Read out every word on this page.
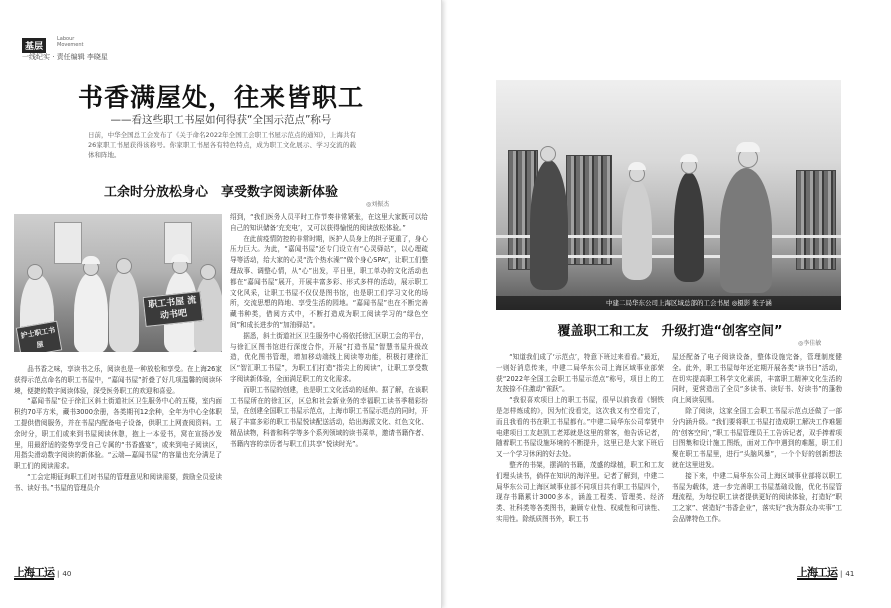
基层
Labour Movement
一线纪实 · 责任编辑 李晓星
书香满屋处，往来皆职工
——看这些职工书屋如何得获“全国示范点”称号
日前，中华全国总工会发布了《关于命名2022年全国工会职工书屋示范点的通知》，上海共有26家职工书屋获得该称号。你家职工书屋各有特色特点，成为职工文化展示、学习交流的载体和阵地。
工余时分放松身心　享受数字阅读新体验
◎刘振杰
职工书屋 流动书吧
护士职工书屋

品书香之味，享读书之乐，阅读也是一种放松和享受。在上海26家获得示范点命名的职工书屋中，“嘉闻书屋”折叠了好几项温馨的阅读环境，便捷的数字阅读体验，深受医务职工的欢迎和喜爱。

“嘉闻书屋”位于徐汇区斜土街道社区卫生服务中心的五楼，室内面积约70平方米，藏书3000余册，各类期刊12余种，全年为中心全体职工提供借阅服务，并在书屋内配备电子设备，供职工上网查阅资料。工余时分，职工们或来到书屋阅读休憩，抱上一本爱书，窝在宣扬沙发里，用最舒适的姿势享受自己专属的“书香盛宴”，或来到电子阅读区，用指尖滑动数字阅读的新体验。“云端—嘉闻书屋”的容量也充分满足了职工们的阅读需求。

“工会定期征询职工们对书屋的管理意见和阅读需要，鼓励全员爱读书、读好书。”书屋的管理员介

绍到，“我们医务人员平时工作节奏非常紧张，在这里大家既可以给自己的知识储备‘充充电’，又可以获得愉悦的阅读放松体验。”

在此前疫情防控的非常时期，医护人员身上的担子更重了，身心压力巨大。为此，“嘉闻书屋”还专门设立有“心灵驿站”，以心理疏导等活动，给大家的心灵“洗个热水澡”“做个身心SPA”，让职工们整理故事、调整心情，从“心”出发，平日里，职工单办的文化活动也都在“嘉闻书屋”展开，开展丰富多彩、形式多样的活动，展示职工文化风采，让职工书屋不仅仅是图书馆，也是职工们学习文化的场所，交流思想的阵地、享受生活的园地。“嘉闻书屋”也在不断完善藏书种类，借阅方式中，不断打造成为职工阅读学习的“绿色空间”和成长进步的“加油驿站”。

据悉，斜土街道社区卫生服务中心将依托徐汇区职工会的平台，与徐汇区图书馆进行深度合作，开展“打造书屋”智慧书屋升级改造，优化图书管理，增加移动端线上阅读等功能，积极打建徐汇区“智汇职工书屋”，为职工们打造“指尖上的阅读”，让职工享受数字阅读新体验，全面满足职工的文化需求。

而职工书屋的创建，也是职工文化活动的延伸。据了解，在该职工书屋所在的徐汇区，区总和社会新业务的幸福职工读书季精彩纷呈，在创建全国职工书屋示范点，上海市职工书屋示范点的同时，开展了丰富多彩的职工书屋悦读配送活动，给出海派文化、红色文化、精品读物，科普和科学等多个系列领域的读书菜单，邀请书籍作者、书籍内容的亲历者与职工们共享“悦读时光”。

上海工运 | 40	上海工运 | 41
中建二局华东公司上海区域总部的工会书屋 ◎摄影 张子涵
覆盖职工和工友　升级打造“创客空间”
◎李佳敏

“知道我们成了‘示范点’，特意下班过来看看。”最近，一则好消息传来，中建二局华东公司上海区域事业部荣获“2022年全国工会职工书屋示范点”称号，项目上的工友按捺不住激动“雀跃”。

“我很喜欢项目上的职工书屋，很早以前我看《钢铁是怎样炼成的》，因为忙没看完，这次我又有空看完了，而且我看的书在职工书屋都有。”中建二局华东公司奉贤中电建项目工友赵凯工老郑就是这里的常客，他告诉记者，随着职工书屋设施环境的不断提升，这里已是大家下班后又一个学习休闲的好去处。

整齐的书架，摆满的书籍，茂盛的绿植，职工和工友们埋头读书，倘佯在知识的海洋里。记者了解到，中建二局华东公司上海区域事业部不同项目共有职工书屋四个，现存书籍累计3000多本，涵盖工程类、管理类、经济类、社科类等各类图书，兼顾专业性、权威性和可读性、实用性。除纸质图书外，职工书

屋还配备了电子阅读设备，整体设施完备，管理制度健全。此外，职工书屋每年还定期开展各类“读书日”活动，在切实提高职工科学文化素质，丰富职工精神文化生活的同时，更营造出了全员“多读书、读好书、好读书”的蓬勃向上阅读氛围。

除了阅读，这家全国工会职工书屋示范点还做了一部分内涵升级。“我们要将职工书屋打造成职工解决工作难题的‘创客空间’，”职工书屋管理员王工告诉记者，双手捧着项目图集和设计施工图纸，面对工作中遇到的难题，职工们聚在职工书屋里，进行“头脑风暴”，一个个好的创新想法就在这里迸发。

接下来，中建二局华东公司上海区域事业部将以职工书屋为载体，进一步完善职工书屋基础设施，优化书屋管理流程，为每位职工读者提供更好的阅读体验，打造好“职工之家”、营造好“书香企业”，落实好“我为群众办实事”工会品牌特色工作。
